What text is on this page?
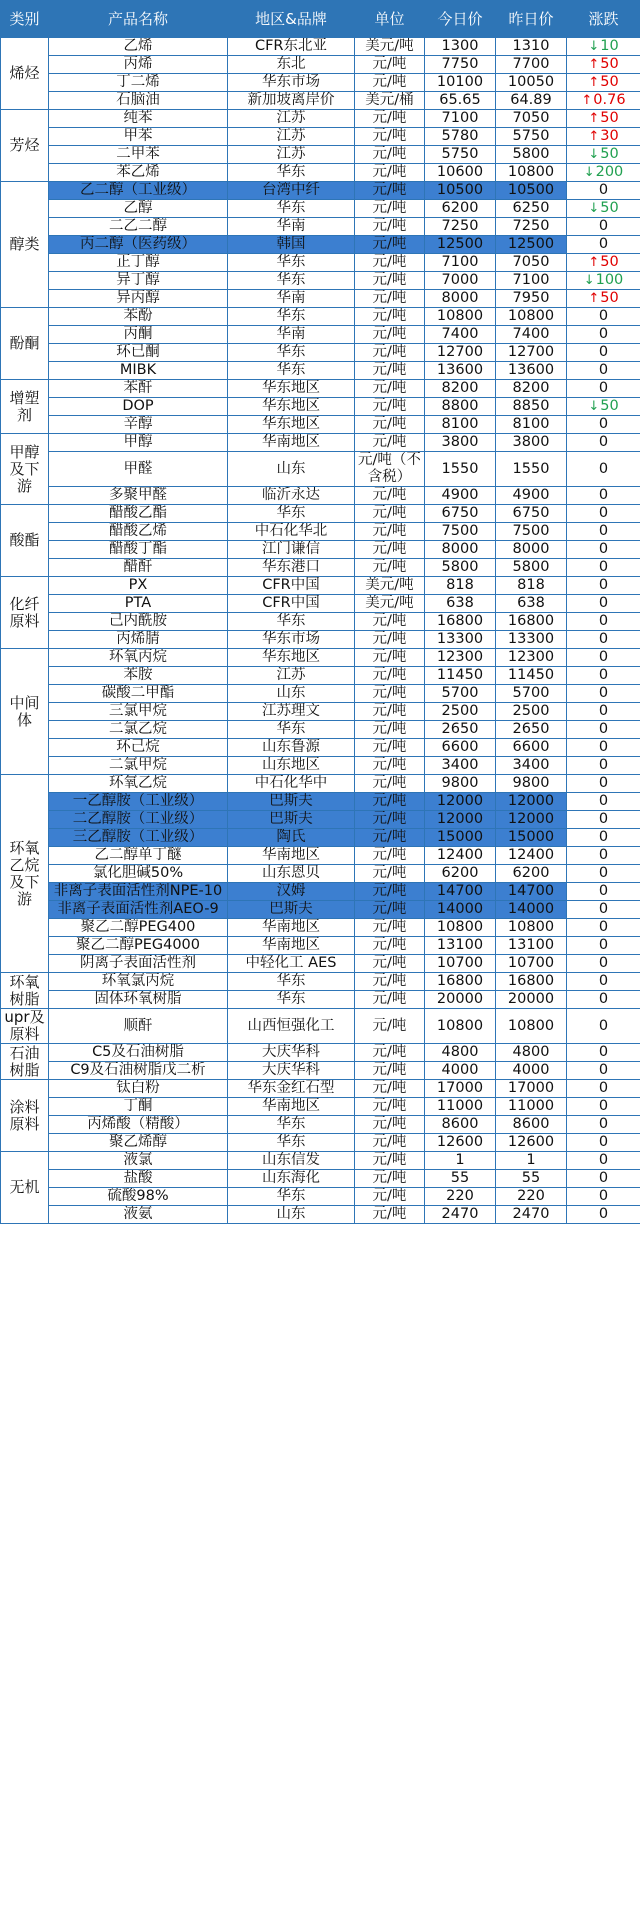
类别	产品名称	地区&品牌	单位	今日价	昨日价	涨跌
烯烃	乙烯	CFR东北亚	美元/吨	1300	1310	↓10
	丙烯	东北	元/吨	7750	7700	↑50
	丁二烯	华东市场	元/吨	10100	10050	↑50
	石脑油	新加坡离岸价	美元/桶	65.65	64.89	↑0.76
芳烃	纯苯	江苏	元/吨	7100	7050	↑50
	甲苯	江苏	元/吨	5780	5750	↑30
	二甲苯	江苏	元/吨	5750	5800	↓50
	苯乙烯	华东	元/吨	10600	10800	↓200
醇类	乙二醇（工业级）	台湾中纤	元/吨	10500	10500	0
	乙醇	华东	元/吨	6200	6250	↓50
	二乙二醇	华南	元/吨	7250	7250	0
	丙二醇（医药级）	韩国	元/吨	12500	12500	0
	正丁醇	华东	元/吨	7100	7050	↑50
	异丁醇	华东	元/吨	7000	7100	↓100
	异丙醇	华南	元/吨	8000	7950	↑50
酚酮	苯酚	华东	元/吨	10800	10800	0
	丙酮	华南	元/吨	7400	7400	0
	环已酮	华东	元/吨	12700	12700	0
	MIBK	华东	元/吨	13600	13600	0
增塑剂	苯酐	华东地区	元/吨	8200	8200	0
	DOP	华东地区	元/吨	8800	8850	↓50
	辛醇	华东地区	元/吨	8100	8100	0
甲醇及下游	甲醇	华南地区	元/吨	3800	3800	0
	甲醛	山东	元/吨（不含税）	1550	1550	0
	多聚甲醛	临沂永达	元/吨	4900	4900	0
酸酯	醋酸乙酯	华东	元/吨	6750	6750	0
	醋酸乙烯	中石化华北	元/吨	7500	7500	0
	醋酸丁酯	江门谦信	元/吨	8000	8000	0
	醋酐	华东港口	元/吨	5800	5800	0
化纤原料	PX	CFR中国	美元/吨	818	818	0
	PTA	CFR中国	美元/吨	638	638	0
	己内酰胺	华东	元/吨	16800	16800	0
	丙烯腈	华东市场	元/吨	13300	13300	0
中间体	环氧丙烷	华东地区	元/吨	12300	12300	0
	苯胺	江苏	元/吨	11450	11450	0
	碳酸二甲酯	山东	元/吨	5700	5700	0
	三氯甲烷	江苏理文	元/吨	2500	2500	0
	二氯乙烷	华东	元/吨	2650	2650	0
	环己烷	山东鲁源	元/吨	6600	6600	0
	二氯甲烷	山东地区	元/吨	3400	3400	0
环氧乙烷及下游	环氧乙烷	中石化华中	元/吨	9800	9800	0
	一乙醇胺（工业级）	巴斯夫	元/吨	12000	12000	0
	二乙醇胺（工业级）	巴斯夫	元/吨	12000	12000	0
	三乙醇胺（工业级）	陶氏	元/吨	15000	15000	0
	乙二醇单丁醚	华南地区	元/吨	12400	12400	0
	氯化胆碱50%	山东恩贝	元/吨	6200	6200	0
	非离子表面活性剂NPE-10	汉姆	元/吨	14700	14700	0
	非离子表面活性剂AEO-9	巴斯夫	元/吨	14000	14000	0
	聚乙二醇PEG400	华南地区	元/吨	10800	10800	0
	聚乙二醇PEG4000	华南地区	元/吨	13100	13100	0
	阴离子表面活性剂	中轻化工 AES	元/吨	10700	10700	0
环氧树脂	环氧氯丙烷	华东	元/吨	16800	16800	0
	固体环氧树脂	华东	元/吨	20000	20000	0
upr及原料	顺酐	山西恒强化工	元/吨	10800	10800	0
石油树脂	C5及石油树脂	大庆华科	元/吨	4800	4800	0
	C9及石油树脂戊二析	大庆华科	元/吨	4000	4000	0
涂料原料	钛白粉	华东金红石型	元/吨	17000	17000	0
	丁酮	华南地区	元/吨	11000	11000	0
	丙烯酸（精酸）	华东	元/吨	8600	8600	0
	聚乙烯醇	华东	元/吨	12600	12600	0
无机	液氯	山东信发	元/吨	1	1	0
	盐酸	山东海化	元/吨	55	55	0
	硫酸98%	华东	元/吨	220	220	0
	液氨	山东	元/吨	2470	2470	0
